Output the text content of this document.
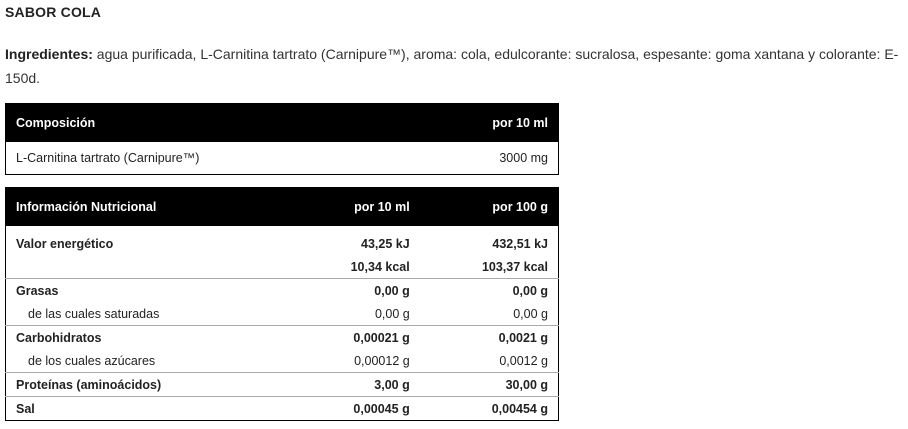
SABOR COLA
Ingredientes: agua purificada, L-Carnitina tartrato (Carnipure™), aroma: cola, edulcorante: sucralosa, espesante: goma xantana y colorante: E-150d.
Composición	por 10 ml
L-Carnitina tartrato (Carnipure™)	3000 mg
Información Nutricional	por 10 ml	por 100 g
Valor energético	43,25 kJ	432,51 kJ
	10,34 kcal	103,37 kcal
Grasas	0,00 g	0,00 g
de las cuales saturadas	0,00 g	0,00 g
Carbohidratos	0,00021 g	0,0021 g
de los cuales azúcares	0,00012 g	0,0012 g
Proteínas (aminoácidos)	3,00 g	30,00 g
Sal	0,00045 g	0,00454 g
